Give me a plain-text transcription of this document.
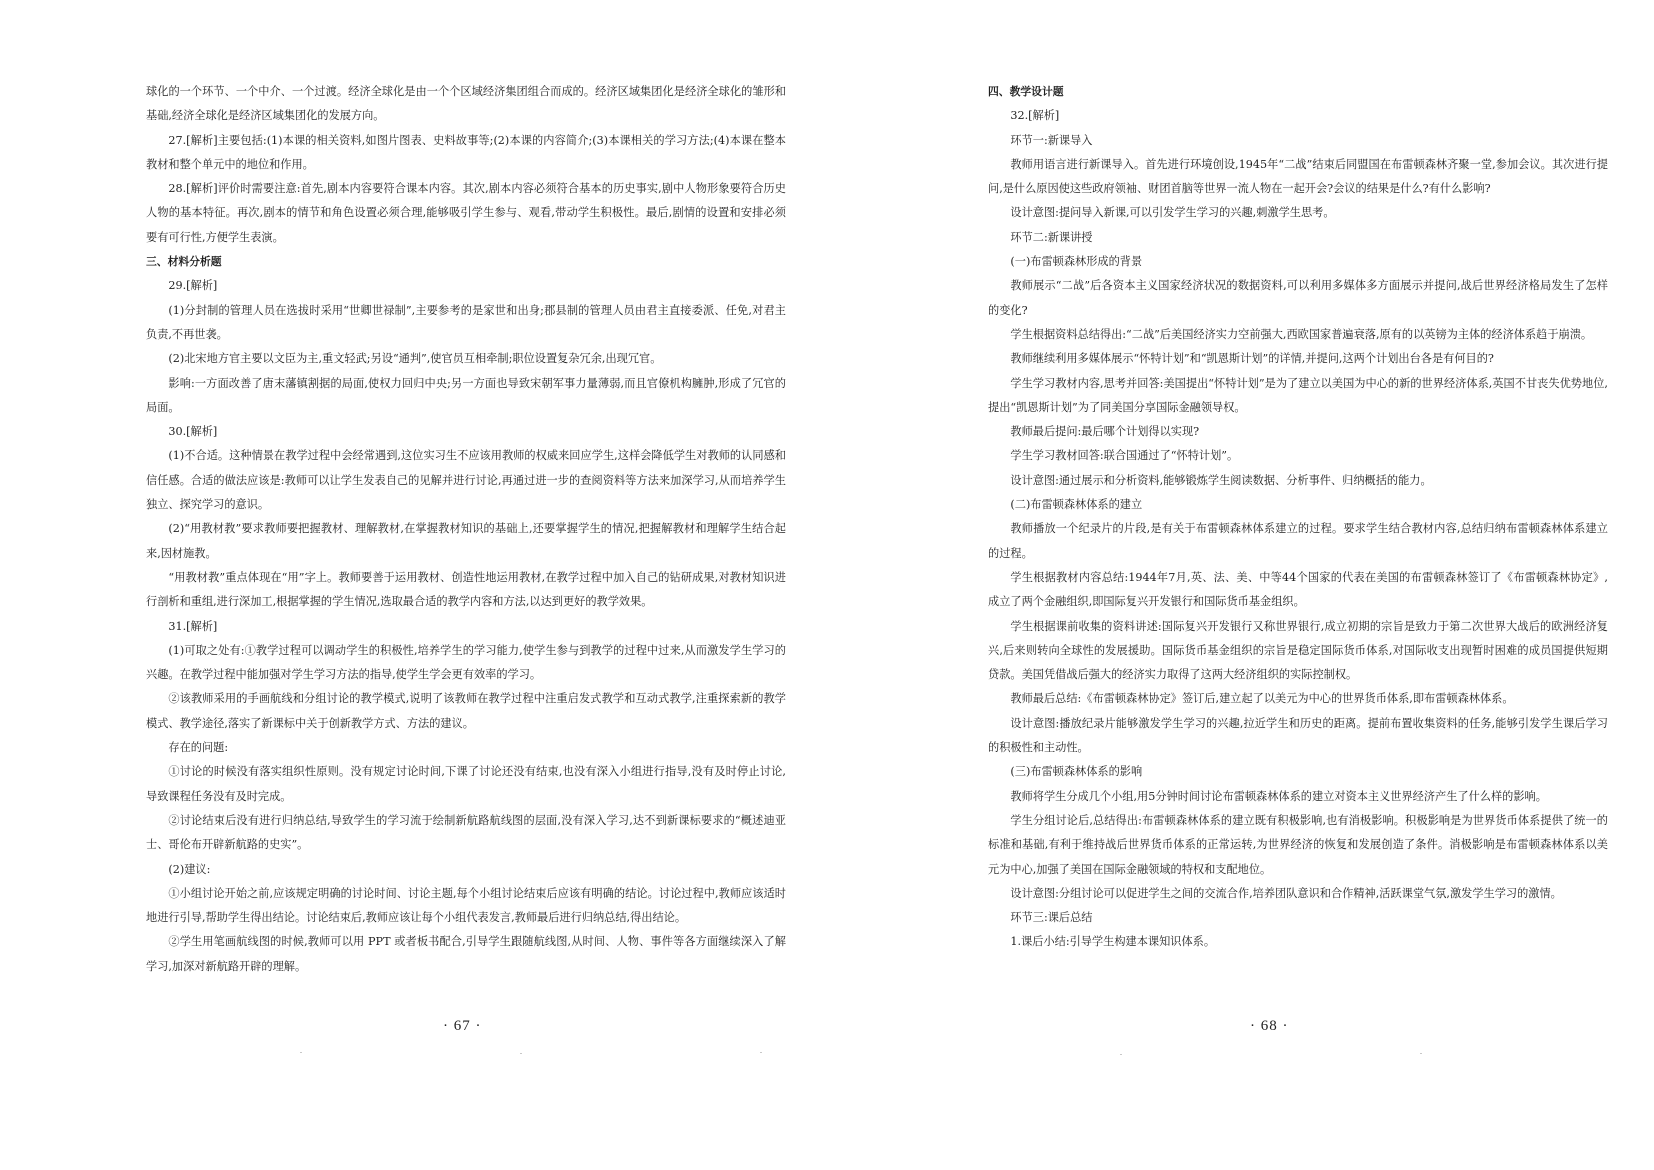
球化的一个环节、一个中介、一个过渡。经济全球化是由一个个区域经济集团组合而成的。经济区域集团化是经济全球化的雏形和基础,经济全球化是经济区域集团化的发展方向。

27.[解析]主要包括:(1)本课的相关资料,如图片图表、史料故事等;(2)本课的内容简介;(3)本课相关的学习方法;(4)本课在整本教材和整个单元中的地位和作用。

28.[解析]评价时需要注意:首先,剧本内容要符合课本内容。其次,剧本内容必须符合基本的历史事实,剧中人物形象要符合历史人物的基本特征。再次,剧本的情节和角色设置必须合理,能够吸引学生参与、观看,带动学生积极性。最后,剧情的设置和安排必须要有可行性,方便学生表演。

三、材料分析题

29.[解析]

(1)分封制的管理人员在选拔时采用“世卿世禄制”,主要参考的是家世和出身;郡县制的管理人员由君主直接委派、任免,对君主负责,不再世袭。

(2)北宋地方官主要以文臣为主,重文轻武;另设“通判”,使官员互相牵制;职位设置复杂冗余,出现冗官。

影响:一方面改善了唐末藩镇割据的局面,使权力回归中央;另一方面也导致宋朝军事力量薄弱,而且官僚机构臃肿,形成了冗官的局面。

30.[解析]

(1)不合适。这种情景在教学过程中会经常遇到,这位实习生不应该用教师的权威来回应学生,这样会降低学生对教师的认同感和信任感。合适的做法应该是:教师可以让学生发表自己的见解并进行讨论,再通过进一步的查阅资料等方法来加深学习,从而培养学生独立、探究学习的意识。

(2)“用教材教”要求教师要把握教材、理解教材,在掌握教材知识的基础上,还要掌握学生的情况,把握解教材和理解学生结合起来,因材施教。

“用教材教”重点体现在“用”字上。教师要善于运用教材、创造性地运用教材,在教学过程中加入自己的钻研成果,对教材知识进行剖析和重组,进行深加工,根据掌握的学生情况,选取最合适的教学内容和方法,以达到更好的教学效果。

31.[解析]

(1)可取之处有:①教学过程可以调动学生的积极性,培养学生的学习能力,使学生参与到教学的过程中过来,从而激发学生学习的兴趣。在教学过程中能加强对学生学习方法的指导,使学生学会更有效率的学习。

②该教师采用的手画航线和分组讨论的教学模式,说明了该教师在教学过程中注重启发式教学和互动式教学,注重探索新的教学模式、教学途径,落实了新课标中关于创新教学方式、方法的建议。

存在的问题:

①讨论的时候没有落实组织性原则。没有规定讨论时间,下课了讨论还没有结束,也没有深入小组进行指导,没有及时停止讨论,导致课程任务没有及时完成。

②讨论结束后没有进行归纳总结,导致学生的学习流于绘制新航路航线图的层面,没有深入学习,达不到新课标要求的“概述迪亚士、哥伦布开辟新航路的史实”。

(2)建议:

①小组讨论开始之前,应该规定明确的讨论时间、讨论主题,每个小组讨论结束后应该有明确的结论。讨论过程中,教师应该适时地进行引导,帮助学生得出结论。讨论结束后,教师应该让每个小组代表发言,教师最后进行归纳总结,得出结论。

②学生用笔画航线图的时候,教师可以用 PPT 或者板书配合,引导学生跟随航线图,从时间、人物、事件等各方面继续深入了解学习,加深对新航路开辟的理解。

四、教学设计题

32.[解析]

环节一:新课导入

教师用语言进行新课导入。首先进行环境创设,1945年“二战”结束后同盟国在布雷顿森林齐聚一堂,参加会议。其次进行提问,是什么原因使这些政府领袖、财团首脑等世界一流人物在一起开会?会议的结果是什么?有什么影响?

设计意图:提问导入新课,可以引发学生学习的兴趣,刺激学生思考。

环节二:新课讲授

(一)布雷顿森林形成的背景

教师展示“二战”后各资本主义国家经济状况的数据资料,可以利用多媒体多方面展示并提问,战后世界经济格局发生了怎样的变化?

学生根据资料总结得出:“二战”后美国经济实力空前强大,西欧国家普遍衰落,原有的以英镑为主体的经济体系趋于崩溃。

教师继续利用多媒体展示“怀特计划”和“凯恩斯计划”的详情,并提问,这两个计划出台各是有何目的?

学生学习教材内容,思考并回答:美国提出“怀特计划”是为了建立以美国为中心的新的世界经济体系,英国不甘丧失优势地位,提出“凯恩斯计划”为了同美国分享国际金融领导权。

教师最后提问:最后哪个计划得以实现?

学生学习教材回答:联合国通过了“怀特计划”。

设计意图:通过展示和分析资料,能够锻炼学生阅读数据、分析事件、归纳概括的能力。

(二)布雷顿森林体系的建立

教师播放一个纪录片的片段,是有关于布雷顿森林体系建立的过程。要求学生结合教材内容,总结归纳布雷顿森林体系建立的过程。

学生根据教材内容总结:1944年7月,英、法、美、中等44个国家的代表在美国的布雷顿森林签订了《布雷顿森林协定》,成立了两个金融组织,即国际复兴开发银行和国际货币基金组织。

学生根据课前收集的资料讲述:国际复兴开发银行又称世界银行,成立初期的宗旨是致力于第二次世界大战后的欧洲经济复兴,后来则转向全球性的发展援助。国际货币基金组织的宗旨是稳定国际货币体系,对国际收支出现暂时困难的成员国提供短期贷款。美国凭借战后强大的经济实力取得了这两大经济组织的实际控制权。

教师最后总结:《布雷顿森林协定》签订后,建立起了以美元为中心的世界货币体系,即布雷顿森林体系。

设计意图:播放纪录片能够激发学生学习的兴趣,拉近学生和历史的距离。提前布置收集资料的任务,能够引发学生课后学习的积极性和主动性。

(三)布雷顿森林体系的影响

教师将学生分成几个小组,用5分钟时间讨论布雷顿森林体系的建立对资本主义世界经济产生了什么样的影响。

学生分组讨论后,总结得出:布雷顿森林体系的建立既有积极影响,也有消极影响。积极影响是为世界货币体系提供了统一的标准和基础,有利于维持战后世界货币体系的正常运转,为世界经济的恢复和发展创造了条件。消极影响是布雷顿森林体系以美元为中心,加强了美国在国际金融领域的特权和支配地位。

设计意图:分组讨论可以促进学生之间的交流合作,培养团队意识和合作精神,活跃课堂气氛,激发学生学习的激情。

环节三:课后总结

1.课后小结:引导学生构建本课知识体系。

· 67 ·	· 68 ·
